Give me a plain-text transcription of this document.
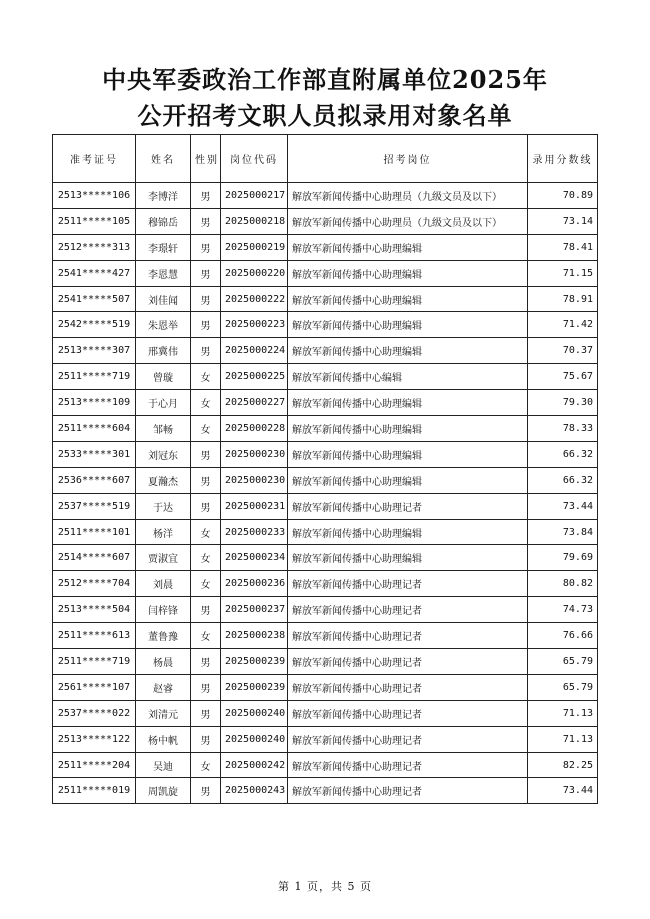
中央军委政治工作部直附属单位2025年
公开招考文职人员拟录用对象名单
准考证号	姓名	性别	岗位代码	招考岗位	录用分数线
2513*****106	李博洋	男	2025000217	解放军新闻传播中心助理员（九级文员及以下）	70.89
2511*****105	穆锦岳	男	2025000218	解放军新闻传播中心助理员（九级文员及以下）	73.14
2512*****313	李璟轩	男	2025000219	解放军新闻传播中心助理编辑	78.41
2541*****427	李恩慧	男	2025000220	解放军新闻传播中心助理编辑	71.15
2541*****507	刘佳闻	男	2025000222	解放军新闻传播中心助理编辑	78.91
2542*****519	朱恩举	男	2025000223	解放军新闻传播中心助理编辑	71.42
2513*****307	邢冀伟	男	2025000224	解放军新闻传播中心助理编辑	70.37
2511*****719	曾璇	女	2025000225	解放军新闻传播中心编辑	75.67
2513*****109	于心月	女	2025000227	解放军新闻传播中心助理编辑	79.30
2511*****604	邹畅	女	2025000228	解放军新闻传播中心助理编辑	78.33
2533*****301	刘冠东	男	2025000230	解放军新闻传播中心助理编辑	66.32
2536*****607	夏瀚杰	男	2025000230	解放军新闻传播中心助理编辑	66.32
2537*****519	于达	男	2025000231	解放军新闻传播中心助理记者	73.44
2511*****101	杨洋	女	2025000233	解放军新闻传播中心助理编辑	73.84
2514*****607	贾淑宜	女	2025000234	解放军新闻传播中心助理编辑	79.69
2512*****704	刘晨	女	2025000236	解放军新闻传播中心助理记者	80.82
2513*****504	闫梓锋	男	2025000237	解放军新闻传播中心助理记者	74.73
2511*****613	董鲁豫	女	2025000238	解放军新闻传播中心助理记者	76.66
2511*****719	杨晨	男	2025000239	解放军新闻传播中心助理记者	65.79
2561*****107	赵睿	男	2025000239	解放军新闻传播中心助理记者	65.79
2537*****022	刘清元	男	2025000240	解放军新闻传播中心助理记者	71.13
2513*****122	杨中帆	男	2025000240	解放军新闻传播中心助理记者	71.13
2511*****204	吴迪	女	2025000242	解放军新闻传播中心助理记者	82.25
2511*****019	周凯旋	男	2025000243	解放军新闻传播中心助理记者	73.44
第 1 页，共 5 页
